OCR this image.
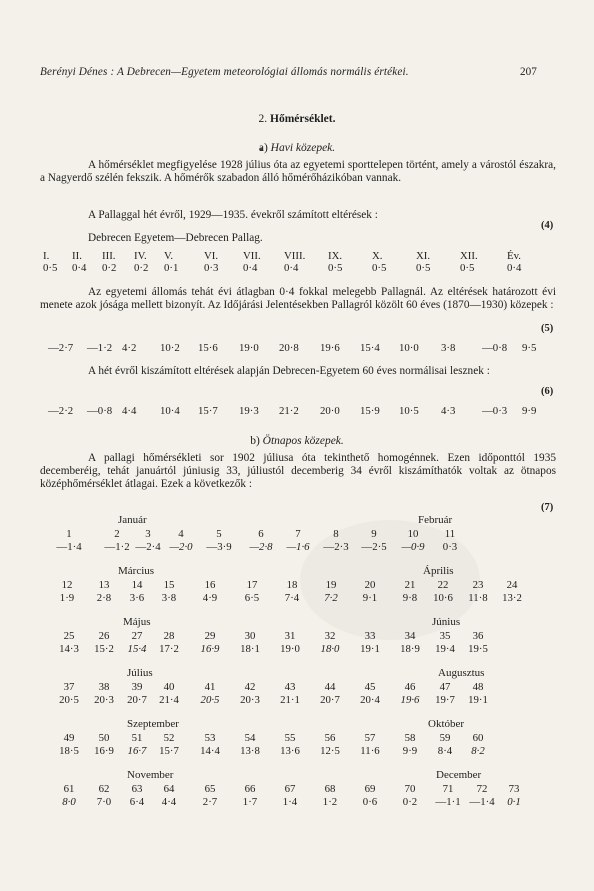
Berényi Dénes : A Debrecen—Egyetem meteorológiai állomás normális értékei.	207
2. Hőmérséklet.
a) Havi közepek.
A hőmérséklet megfigyelése 1928 július óta az egyetemi sporttelepen történt, amely a várostól északra, a Nagyerdő szélén fekszik. A hőmérők szabadon álló hőmérőházikóban vannak.
A Pallaggal hét évről, 1929—1935. évekről számított eltérések :
(4)
Debrecen Egyetem—Debrecen Pallag.
I. II. III. IV. V.	VI. VII. VIII. IX.	X.	XI.	XII.	Év.
0·5 0·4 0·2 0·2 0·1 0·3 0·4 0·4	0·5	0·5	0·5	0·5	0·4
Az egyetemi állomás tehát évi átlagban 0·4 fokkal melegebb Pallagnál. Az eltérések határozott évi menete azok jósága mellett bizonyít. Az Időjárási Jelentésekben Pallagról közölt 60 éves (1870—1930) közepek :
(5)
—2·7 —1·2 4·2 10·2 15·6 19·0 20·8 19·6 15·4 10·0 3·8 —0·8 9·5
A hét évről kiszámított eltérések alapján Debrecen-Egyetem 60 éves normálisai lesznek :
(6)
—2·2 —0·8 4·4 10·4 15·7 19·3 21·2 20·0 15·9 10·5 4·3 —0·3 9·9
b) Ötnapos közepek.
A pallagi hőmérsékleti sor 1902 júliusa óta tekinthető homogénnek. Ezen időponttól 1935 decemberéig, tehát januártól júniusig 33, júliustól decemberig 34 évről kiszámíthatók voltak az ötnapos középhőmérséklet átlagai. Ezek a következők :
(7)
Január	Február
1	2 3	4	5	6	7	8	9	10 11
—1·4 —1·2 —2·4 —2·0 —3·9 —2·8 —1·6 —2·3 —2·5 —0·9 0·3
Március	Április
12 13 14 15	16	17	18	19	20	21 22 23 24
1·9 2·8 3·6 3·8 4·9	6·5 7·4 7·2 9·1 9·8 10·6 11·8 13·2
Május	Június
25 26 27 28	29	30	31	32	33	34 35 36
14·3 15·2 15·4 17·2 16·9 18·1 19·0 18·0 19·1 18·9 19·4 19·5
Július	Augusztus
37 38 39 40	41	42	43	44	45	46 47 48
20·5 20·3 20·7 21·4 20·5 20·3 21·1 20·7 20·4 19·6 19·7 19·1
Szeptember	Október
49 50 51 52	53	54	55	56	57	58 59 60
18·5 16·9 16·7 15·7 14·4 13·8 13·6 12·5 11·6 9·9 8·4 8·2
November	December
61 62 63 64	65	66	67	68	69	70	71 72 73
8·0 7·0 6·4 4·4 2·7 1·7 1·4 1·2 0·6 0·2 —1·1 —1·4 0·1
